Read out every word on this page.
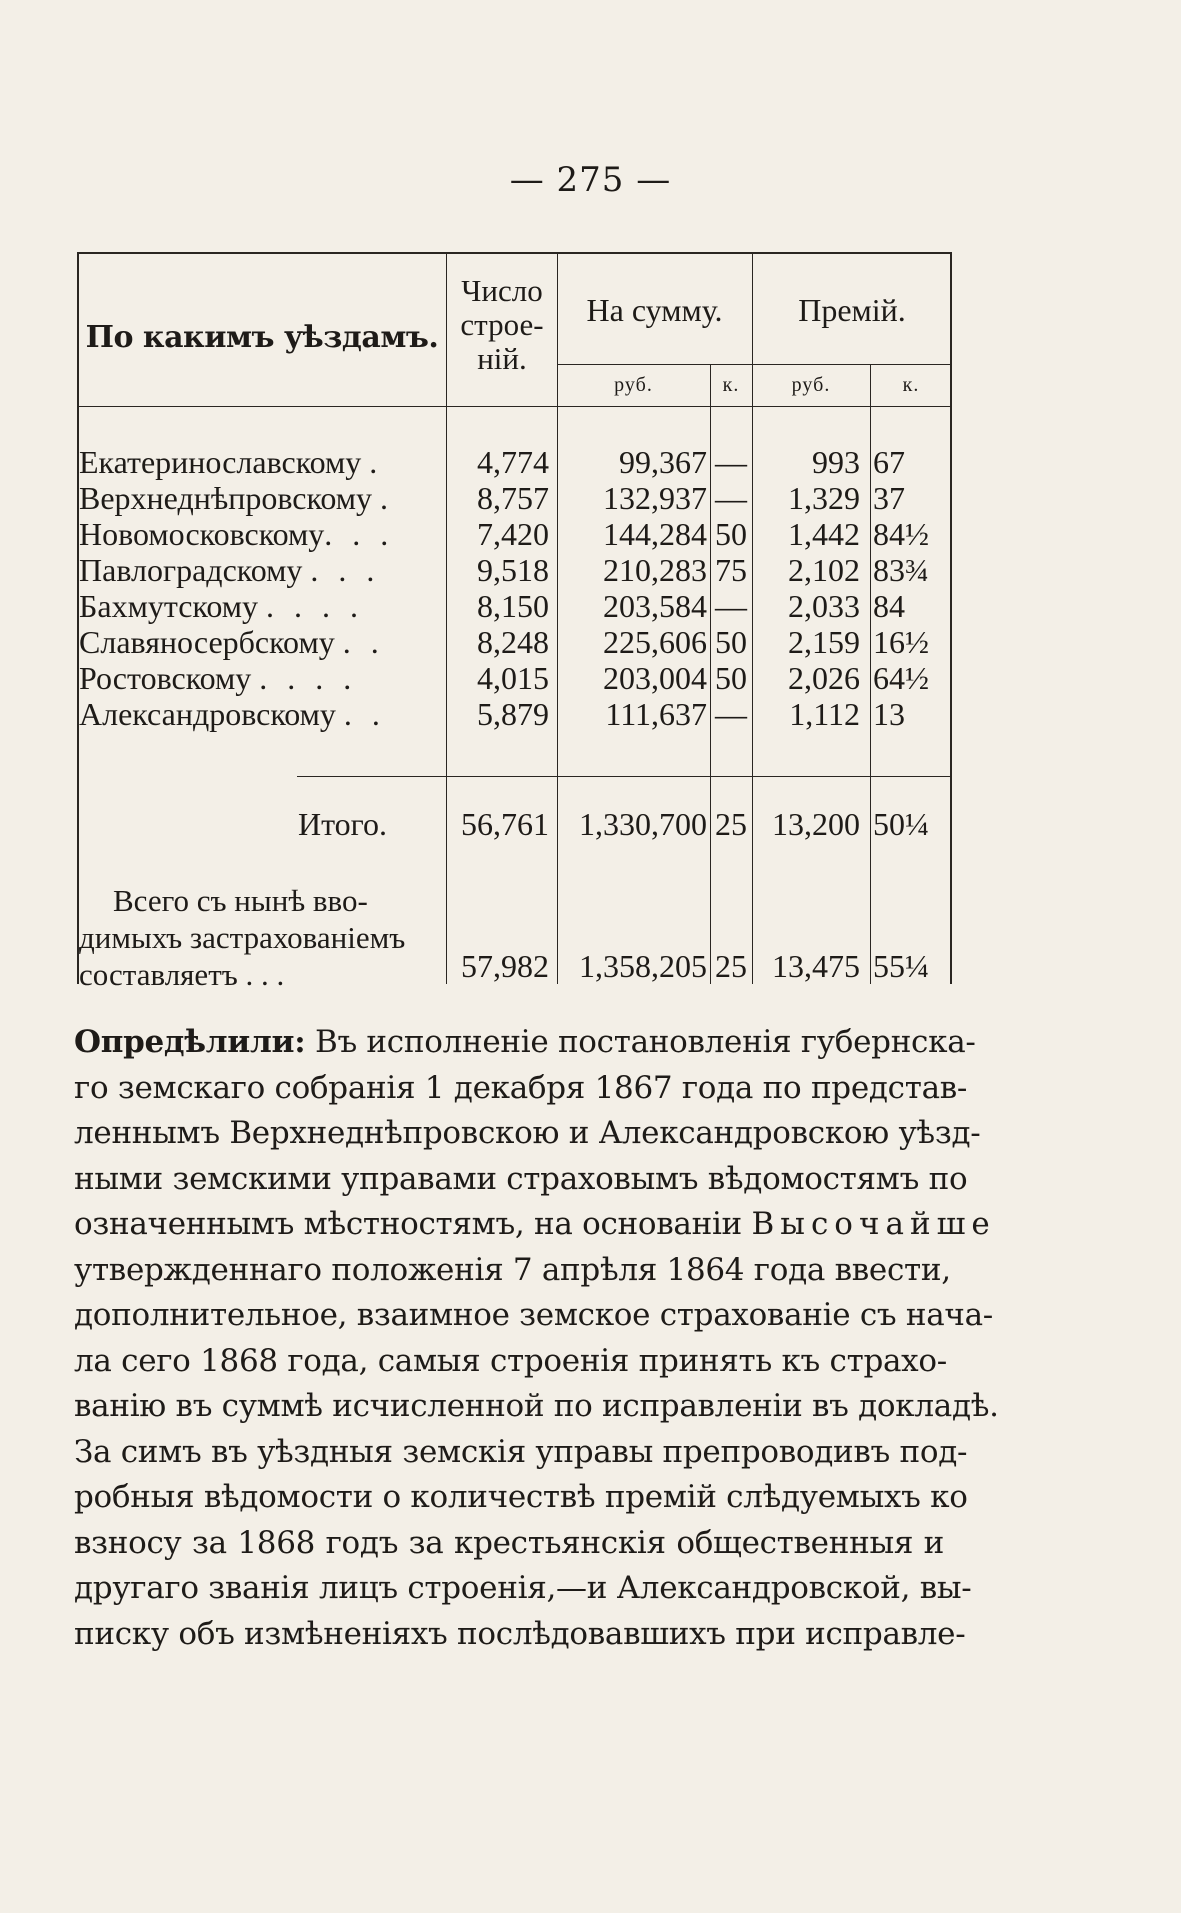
— 275 —
По какимъ уѣздамъ.
Число
строе-
ній.
На сумму.	Премій.
руб.	к.	руб.	к.
Екатеринославскому .	4,774	99,367 —	993 67
Верхнеднѣпровскому .	8,757	132,937 —	1,329 37
Новомосковскому. . .	7,420	144,284 50	1,442 84½
Павлоградскому . . .	9,518	210,283 75	2,102 83¾
Бахмутскому . . . .	8,150	203,584 —	2,033 84
Славяносербскому . .	8,248	225,606 50	2,159 16½
Ростовскому . . . .	4,015	203,004 50	2,026 64½
Александровскому . .	5,879	111,637 —	1,112 13
Итого.	56,761 1,330,700 25 13,200 50¼
Всего съ нынѣ вво-
димыхъ застрахованіемъ
составляетъ . . .	57,982 1,358,205 25 13,475 55¼
Опредѣлили: Въ исполненіе постановленія губернска-
го земскаго собранія 1 декабря 1867 года по представ-
леннымъ Верхнеднѣпровскою и Александровскою уѣзд-
ными земскими управами страховымъ вѣдомостямъ по
означеннымъ мѣстностямъ, на основаніи Высочайше
утвержденнаго положенія 7 апрѣля 1864 года ввести,
дополнительное, взаимное земское страхованіе съ нача-
ла сего 1868 года, самыя строенія принять къ страхо-
ванію въ суммѣ исчисленной по исправленіи въ докладѣ.
За симъ въ уѣздныя земскія управы препроводивъ под-
робныя вѣдомости о количествѣ премій слѣдуемыхъ ко
взносу за 1868 годъ за крестьянскія общественныя и
другаго званія лицъ строенія,—и Александровской, вы-
писку объ измѣненіяхъ послѣдовавшихъ при исправле-
